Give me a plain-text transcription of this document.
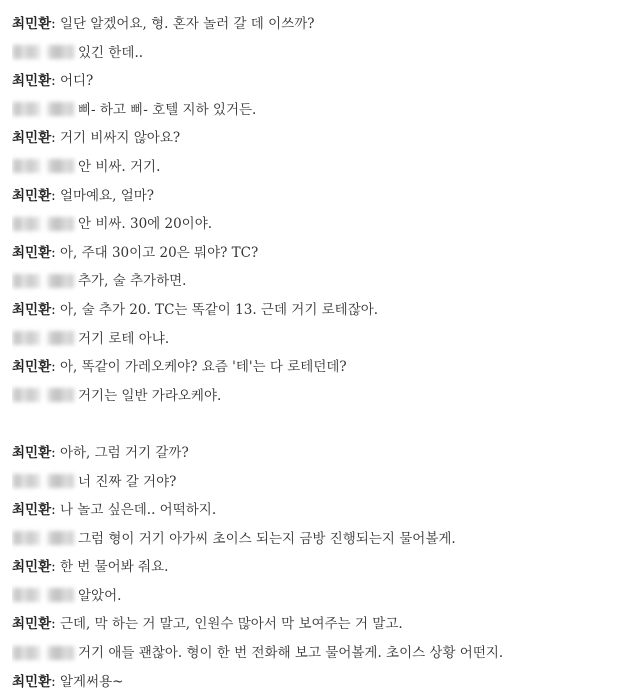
최민환: 일단 알겠어요, 형. 혼자 놀러 갈 데 이쓰까?
있긴 한데..
최민환: 어디?
삐- 하고 삐- 호텔 지하 있거든.
최민환: 거기 비싸지 않아요?
안 비싸. 거기.
최민환: 얼마예요, 얼마?
안 비싸. 30에 20이야.
최민환: 아, 주대 30이고 20은 뭐야? TC?
추가, 술 추가하면.
최민환: 아, 술 추가 20. TC는 똑같이 13. 근데 거기 로테잖아.
거기 로테 아냐.
최민환: 아, 똑같이 가레오케야? 요즘 '테'는 다 로테던데?
거기는 일반 가라오케야.
최민환: 아하, 그럼 거기 갈까?
너 진짜 갈 거야?
최민환: 나 놀고 싶은데.. 어떡하지.
그럼 형이 거기 아가씨 초이스 되는지 금방 진행되는지 물어볼게.
최민환: 한 번 물어봐 줘요.
알았어.
최민환: 근데, 막 하는 거 말고, 인원수 많아서 막 보여주는 거 말고.
거기 애들 괜찮아. 형이 한 번 전화해 보고 물어볼게. 초이스 상황 어떤지.
최민환: 알게써용~
